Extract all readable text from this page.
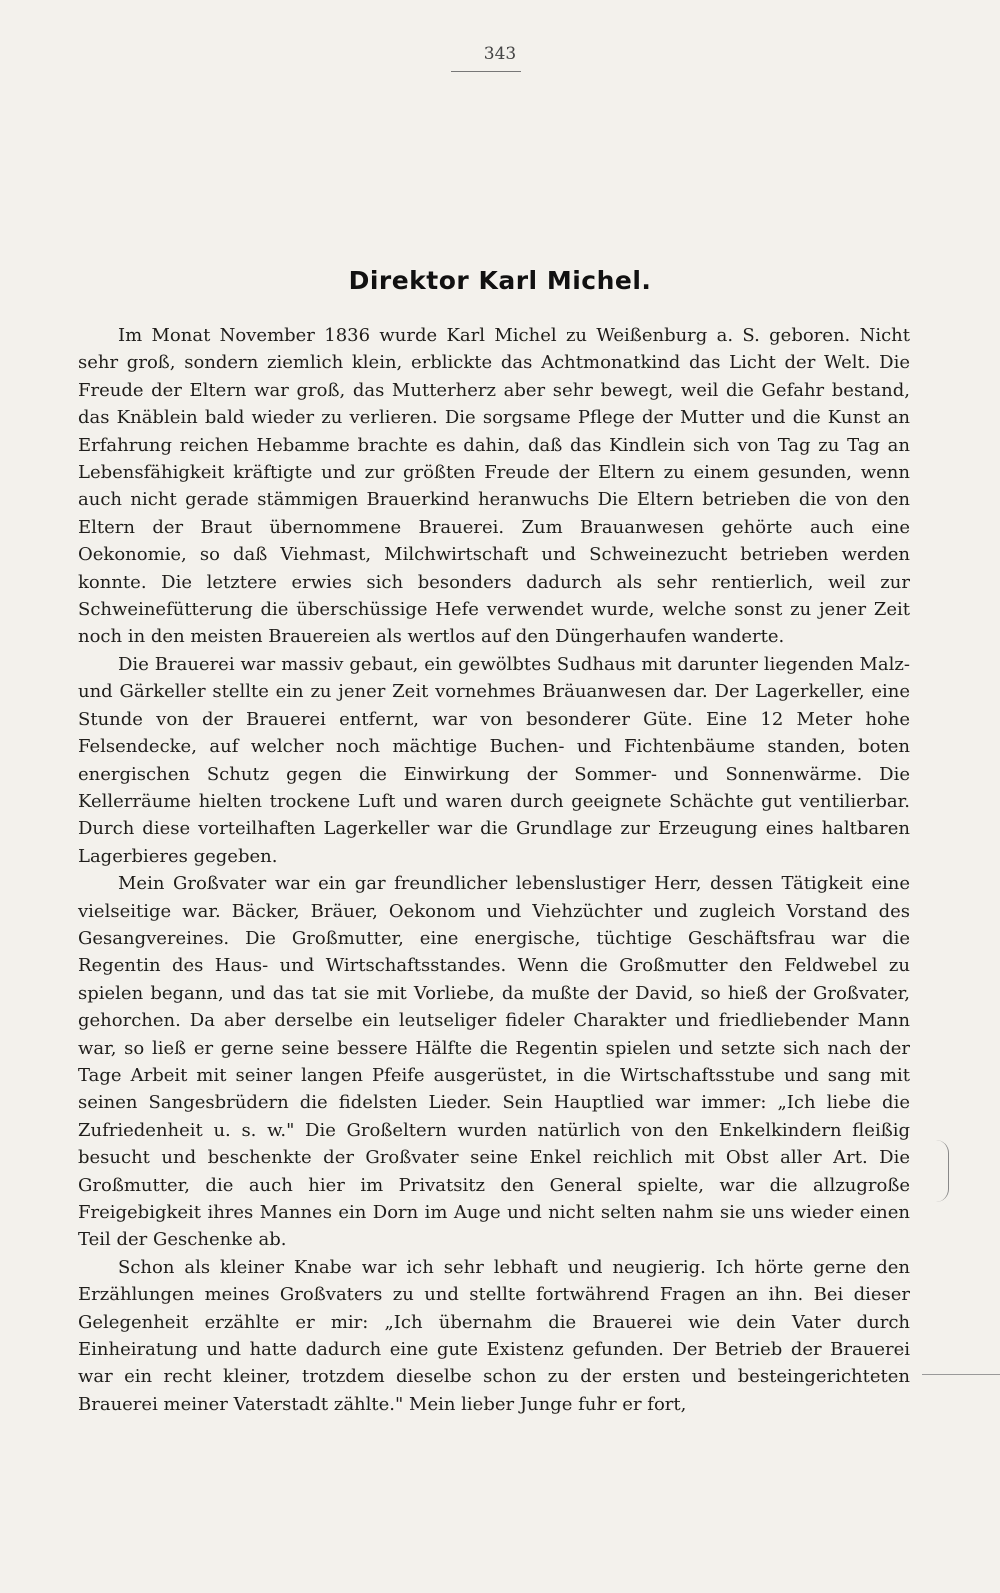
343
Direktor Karl Michel.

Im Monat November 1836 wurde Karl Michel zu Weißenburg a. S. geboren. Nicht sehr groß, sondern ziemlich klein, erblickte das Achtmonatkind das Licht der Welt. Die Freude der Eltern war groß, das Mutterherz aber sehr bewegt, weil die Gefahr bestand, das Knäblein bald wieder zu verlieren. Die sorgsame Pflege der Mutter und die Kunst an Erfahrung reichen Hebamme brachte es dahin, daß das Kindlein sich von Tag zu Tag an Lebensfähigkeit kräftigte und zur größten Freude der Eltern zu einem gesunden, wenn auch nicht gerade stämmigen Brauerkind heranwuchs Die Eltern betrieben die von den Eltern der Braut übernommene Brauerei. Zum Brauanwesen gehörte auch eine Oekonomie, so daß Viehmast, Milchwirtschaft und Schweinezucht betrieben werden konnte. Die letztere erwies sich besonders dadurch als sehr rentierlich, weil zur Schweinefütterung die überschüssige Hefe verwendet wurde, welche sonst zu jener Zeit noch in den meisten Brauereien als wertlos auf den Düngerhaufen wanderte.

Die Brauerei war massiv gebaut, ein gewölbtes Sudhaus mit darunter liegenden Malz- und Gärkeller stellte ein zu jener Zeit vornehmes Bräuanwesen dar. Der Lagerkeller, eine Stunde von der Brauerei entfernt, war von besonderer Güte. Eine 12 Meter hohe Felsendecke, auf welcher noch mächtige Buchen- und Fichtenbäume standen, boten energischen Schutz gegen die Einwirkung der Sommer- und Sonnenwärme. Die Kellerräume hielten trockene Luft und waren durch geeignete Schächte gut ventilierbar. Durch diese vorteilhaften Lagerkeller war die Grundlage zur Erzeugung eines haltbaren Lagerbieres gegeben.

Mein Großvater war ein gar freundlicher lebenslustiger Herr, dessen Tätigkeit eine vielseitige war. Bäcker, Bräuer, Oekonom und Viehzüchter und zugleich Vorstand des Gesangvereines. Die Großmutter, eine energische, tüchtige Geschäftsfrau war die Regentin des Haus- und Wirtschaftsstandes. Wenn die Großmutter den Feldwebel zu spielen begann, und das tat sie mit Vorliebe, da mußte der David, so hieß der Großvater, gehorchen. Da aber derselbe ein leutseliger fideler Charakter und friedliebender Mann war, so ließ er gerne seine bessere Hälfte die Regentin spielen und setzte sich nach der Tage Arbeit mit seiner langen Pfeife ausgerüstet, in die Wirtschaftsstube und sang mit seinen Sangesbrüdern die fidelsten Lieder. Sein Hauptlied war immer: „Ich liebe die Zufriedenheit u. s. w." Die Großeltern wurden natürlich von den Enkelkindern fleißig besucht und beschenkte der Großvater seine Enkel reichlich mit Obst aller Art. Die Großmutter, die auch hier im Privatsitz den General spielte, war die allzugroße Freigebigkeit ihres Mannes ein Dorn im Auge und nicht selten nahm sie uns wieder einen Teil der Geschenke ab.

Schon als kleiner Knabe war ich sehr lebhaft und neugierig. Ich hörte gerne den Erzählungen meines Großvaters zu und stellte fortwährend Fragen an ihn. Bei dieser Gelegenheit erzählte er mir: „Ich übernahm die Brauerei wie dein Vater durch Einheiratung und hatte dadurch eine gute Existenz gefunden. Der Betrieb der Brauerei war ein recht kleiner, trotzdem dieselbe schon zu der ersten und besteingerichteten Brauerei meiner Vaterstadt zählte." Mein lieber Junge fuhr er fort,
